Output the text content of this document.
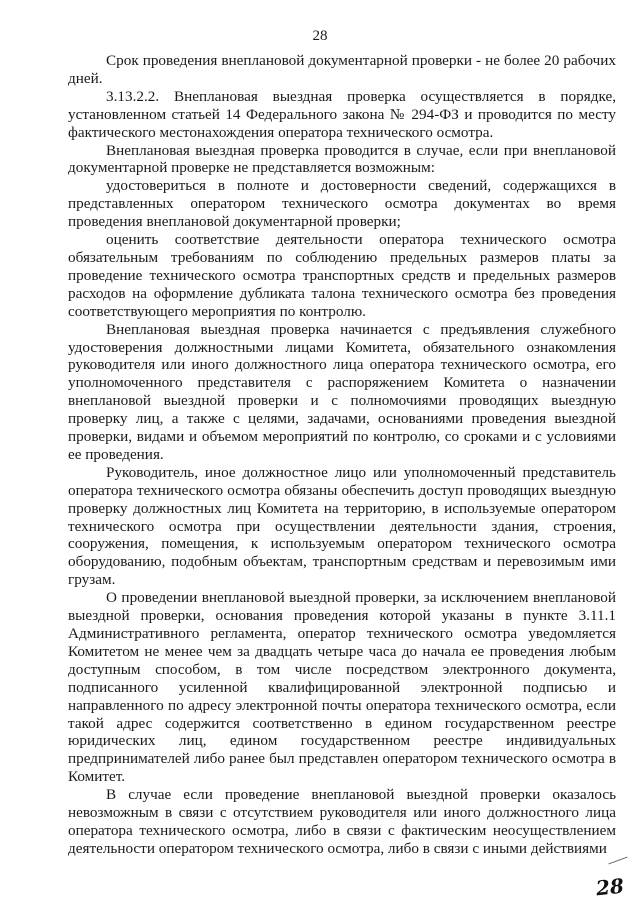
28

Срок проведения внеплановой документарной проверки - не более 20 рабочих дней.

3.13.2.2. Внеплановая выездная проверка осуществляется в порядке, установленном статьей 14 Федерального закона № 294-ФЗ и проводится по месту фактического местонахождения оператора технического осмотра.

Внеплановая выездная проверка проводится в случае, если при внеплановой документарной проверке не представляется возможным:

удостовериться в полноте и достоверности сведений, содержащихся в представленных оператором технического осмотра документах во время проведения внеплановой документарной проверки;

оценить соответствие деятельности оператора технического осмотра обязательным требованиям по соблюдению предельных размеров платы за проведение технического осмотра транспортных средств и предельных размеров расходов на оформление дубликата талона технического осмотра без проведения соответствующего мероприятия по контролю.

Внеплановая выездная проверка начинается с предъявления служебного удостоверения должностными лицами Комитета, обязательного ознакомления руководителя или иного должностного лица оператора технического осмотра, его уполномоченного представителя с распоряжением Комитета о назначении внеплановой выездной проверки и с полномочиями проводящих выездную проверку лиц, а также с целями, задачами, основаниями проведения выездной проверки, видами и объемом мероприятий по контролю, со сроками и с условиями ее проведения.

Руководитель, иное должностное лицо или уполномоченный представитель оператора технического осмотра обязаны обеспечить доступ проводящих выездную проверку должностных лиц Комитета на территорию, в используемые оператором технического осмотра при осуществлении деятельности здания, строения, сооружения, помещения, к используемым оператором технического осмотра оборудованию, подобным объектам, транспортным средствам и перевозимым ими грузам.

О проведении внеплановой выездной проверки, за исключением внеплановой выездной проверки, основания проведения которой указаны в пункте 3.11.1 Административного регламента, оператор технического осмотра уведомляется Комитетом не менее чем за двадцать четыре часа до начала ее проведения любым доступным способом, в том числе посредством электронного документа, подписанного усиленной квалифицированной электронной подписью и направленного по адресу электронной почты оператора технического осмотра, если такой адрес содержится соответственно в едином государственном реестре юридических лиц, едином государственном реестре индивидуальных предпринимателей либо ранее был представлен оператором технического осмотра в Комитет.

В случае если проведение внеплановой выездной проверки оказалось невозможным в связи с отсутствием руководителя или иного должностного лица оператора технического осмотра, либо в связи с фактическим неосуществлением деятельности оператором технического осмотра, либо в связи с иными действиями

28
